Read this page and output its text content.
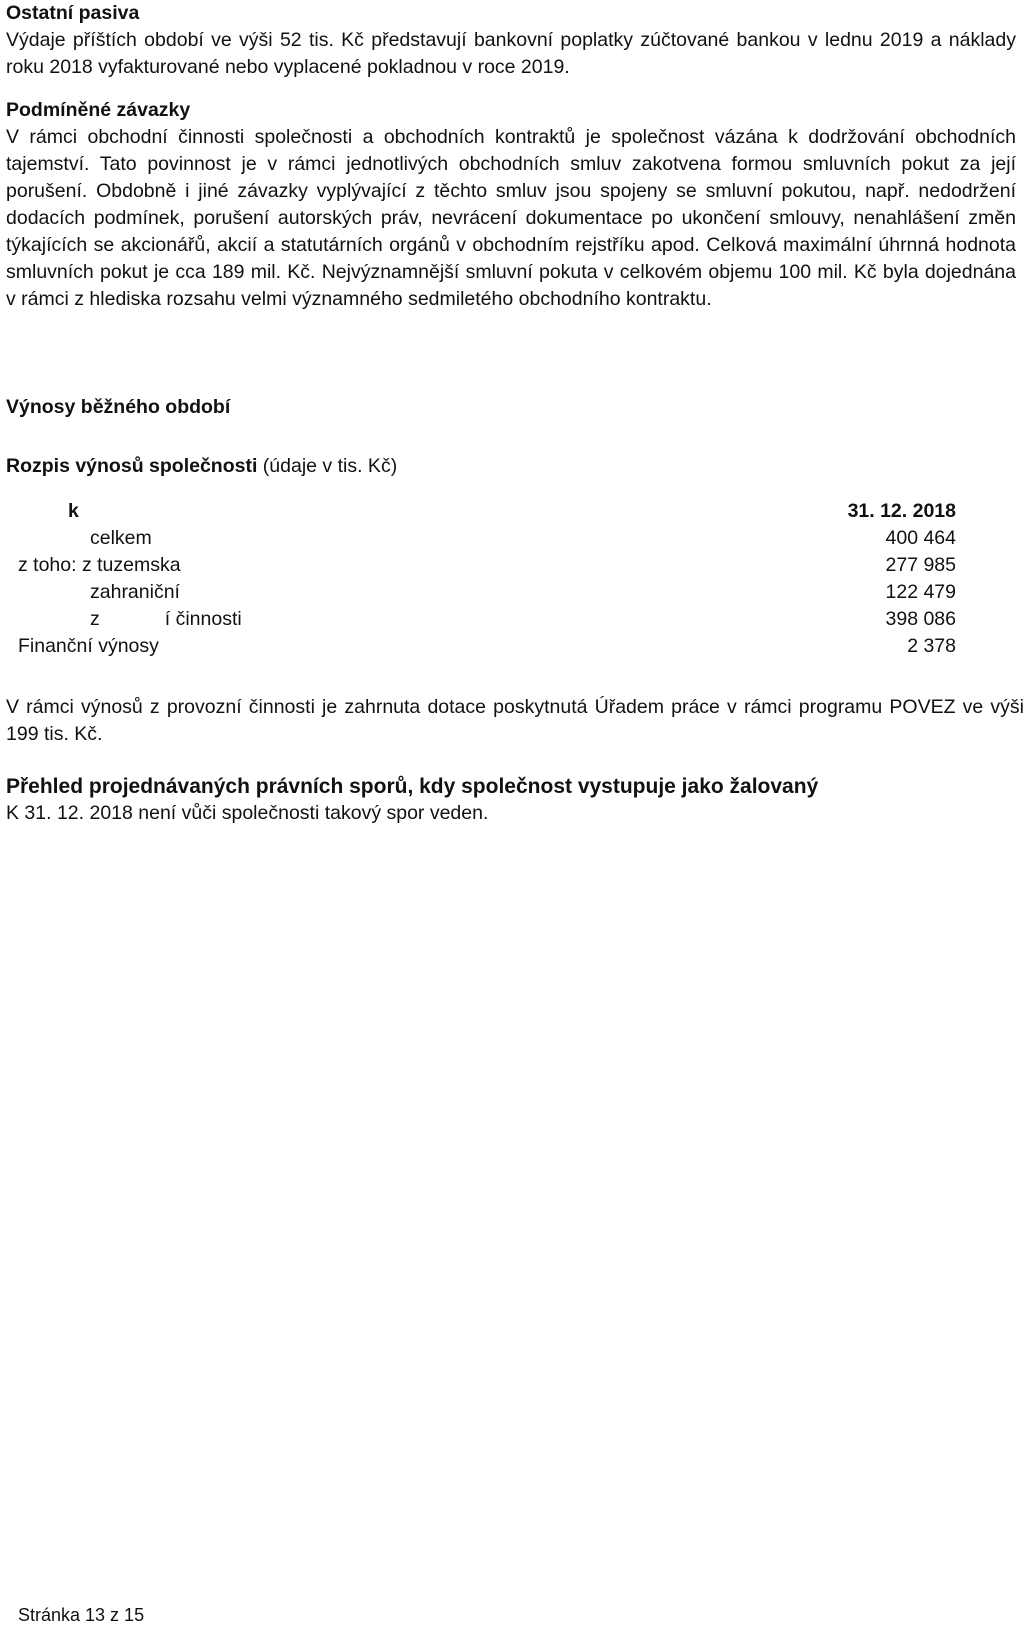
Ostatní pasiva

Výdaje příštích období ve výši 52 tis. Kč představují bankovní poplatky zúčtované bankou v lednu 2019 a náklady roku 2018 vyfakturované nebo vyplacené pokladnou v roce 2019.

Podmíněné závazky

V rámci obchodní činnosti společnosti a obchodních kontraktů je společnost vázána k dodržování obchodních tajemství. Tato povinnost je v rámci jednotlivých obchodních smluv zakotvena formou smluvních pokut za její porušení. Obdobně i jiné závazky vyplývající z těchto smluv jsou spojeny se smluvní pokutou, např. nedodržení dodacích podmínek, porušení autorských práv, nevrácení dokumentace po ukončení smlouvy, nenahlášení změn týkajících se akcionářů, akcií a statutárních orgánů v obchodním rejstříku apod. Celková maximální úhrnná hodnota smluvních pokut je cca 189 mil. Kč. Nejvýznamnější smluvní pokuta v celkovém objemu 100 mil. Kč byla dojednána v rámci z hlediska rozsahu velmi významného sedmiletého obchodního kontraktu.

Výnosy běžného období

Rozpis výnosů společnosti (údaje v tis. Kč)
k	31. 12. 2018
celkem	400 464
z toho: z tuzemska	277 985
zahraniční	122 479
z            í činnosti	398 086
Finanční výnosy	2 378

V rámci výnosů z provozní činnosti je zahrnuta dotace poskytnutá Úřadem práce v rámci programu POVEZ ve výši 199 tis. Kč.

Přehled projednávaných právních sporů, kdy společnost vystupuje jako žalovaný

K 31. 12. 2018 není vůči společnosti takový spor veden.

Stránka 13 z 15
